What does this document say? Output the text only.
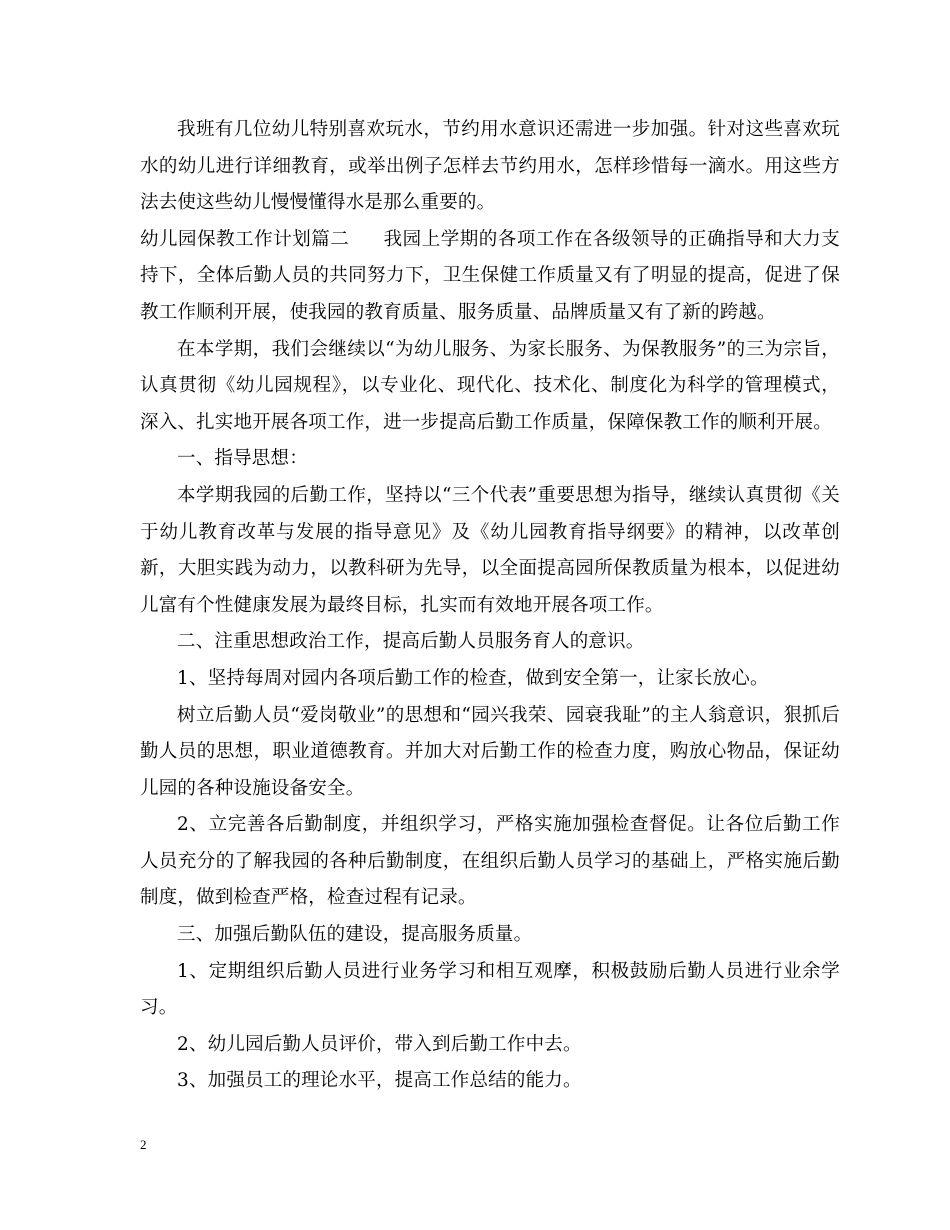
我班有几位幼儿特别喜欢玩水，节约用水意识还需进一步加强。针对这些喜欢玩水的幼儿进行详细教育，或举出例子怎样去节约用水，怎样珍惜每一滴水。用这些方法去使这些幼儿慢慢懂得水是那么重要的。

幼儿园保教工作计划篇二 我园上学期的各项工作在各级领导的正确指导和大力支持下，全体后勤人员的共同努力下，卫生保健工作质量又有了明显的提高，促进了保教工作顺利开展，使我园的教育质量、服务质量、品牌质量又有了新的跨越。

在本学期，我们会继续以“为幼儿服务、为家长服务、为保教服务”的三为宗旨，认真贯彻《幼儿园规程》，以专业化、现代化、技术化、制度化为科学的管理模式，深入、扎实地开展各项工作，进一步提高后勤工作质量，保障保教工作的顺利开展。

一、指导思想：

本学期我园的后勤工作，坚持以“三个代表”重要思想为指导，继续认真贯彻《关于幼儿教育改革与发展的指导意见》及《幼儿园教育指导纲要》的精神，以改革创新，大胆实践为动力，以教科研为先导，以全面提高园所保教质量为根本，以促进幼儿富有个性健康发展为最终目标，扎实而有效地开展各项工作。

二、注重思想政治工作，提高后勤人员服务育人的意识。

1、坚持每周对园内各项后勤工作的检查，做到安全第一，让家长放心。

树立后勤人员“爱岗敬业”的思想和“园兴我荣、园衰我耻”的主人翁意识，狠抓后勤人员的思想，职业道德教育。并加大对后勤工作的检查力度，购放心物品，保证幼儿园的各种设施设备安全。

2、立完善各后勤制度，并组织学习，严格实施加强检查督促。让各位后勤工作人员充分的了解我园的各种后勤制度，在组织后勤人员学习的基础上，严格实施后勤制度，做到检查严格，检查过程有记录。

三、加强后勤队伍的建设，提高服务质量。

1、定期组织后勤人员进行业务学习和相互观摩，积极鼓励后勤人员进行业余学习。

2、幼儿园后勤人员评价，带入到后勤工作中去。

3、加强员工的理论水平，提高工作总结的能力。

2
